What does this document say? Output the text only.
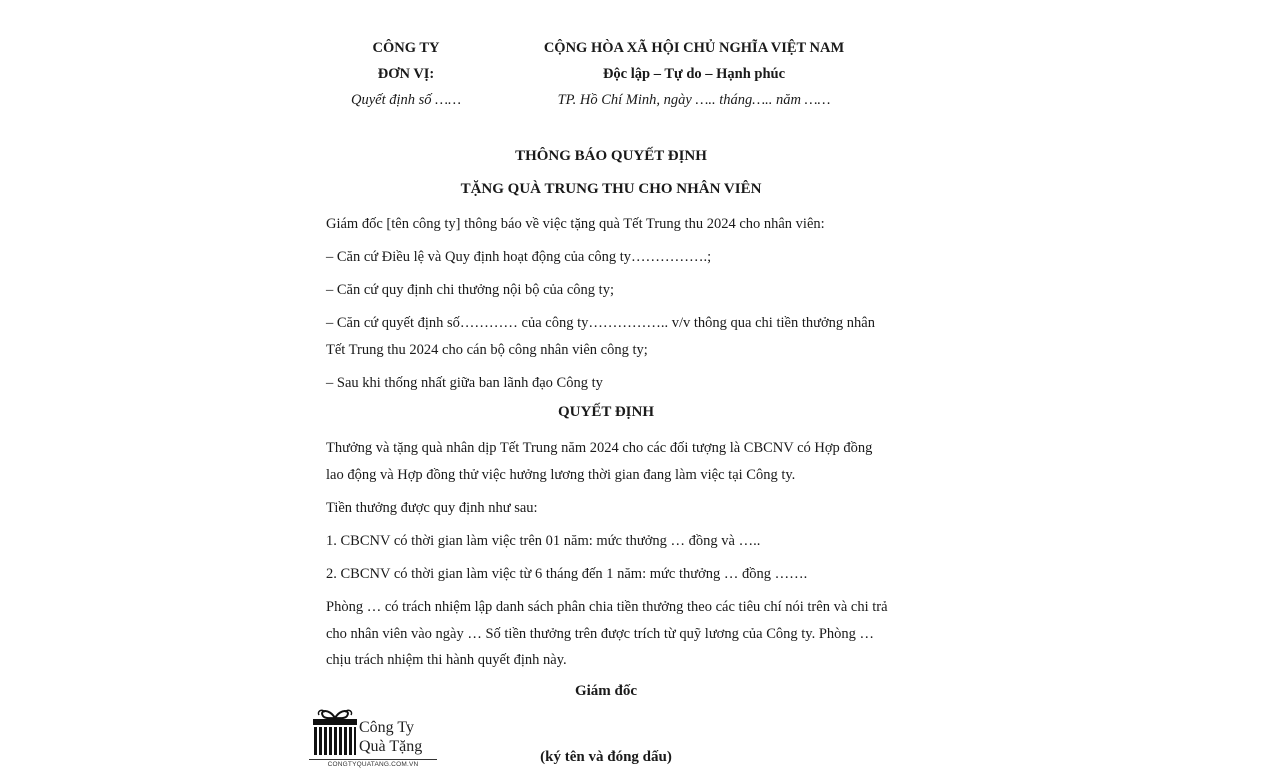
CÔNG TY
ĐƠN VỊ:
Quyết định số ……
CỘNG HÒA XÃ HỘI CHỦ NGHĨA VIỆT NAM
Độc lập – Tự do – Hạnh phúc
TP. Hồ Chí Minh, ngày ….. tháng….. năm ……
THÔNG BÁO QUYẾT ĐỊNH
TẶNG QUÀ TRUNG THU CHO NHÂN VIÊN
Giám đốc [tên công ty] thông báo về việc tặng quà Tết Trung thu 2024 cho nhân viên:
– Căn cứ Điều lệ và Quy định hoạt động của công ty…………….;
– Căn cứ quy định chi thưởng nội bộ của công ty;
– Căn cứ quyết định số………… của công ty…………….. v/v thông qua chi tiền thưởng nhân Tết Trung thu 2024 cho cán bộ công nhân viên công ty;
– Sau khi thống nhất giữa ban lãnh đạo Công ty
QUYẾT ĐỊNH
Thưởng và tặng quà nhân dịp Tết Trung năm 2024 cho các đối tượng là CBCNV có Hợp đồng lao động và Hợp đồng thử việc hưởng lương thời gian đang làm việc tại Công ty.
Tiền thưởng được quy định như sau:
1. CBCNV có thời gian làm việc trên 01 năm: mức thưởng … đồng và …..
2. CBCNV có thời gian làm việc từ 6 tháng đến 1 năm: mức thưởng … đồng …….
Phòng … có trách nhiệm lập danh sách phân chia tiền thưởng theo các tiêu chí nói trên và chi trả cho nhân viên vào ngày … Số tiền thưởng trên được trích từ quỹ lương của Công ty. Phòng … chịu trách nhiệm thi hành quyết định này.
Giám đốc
(ký tên và đóng dấu)
Công Ty
Quà Tặng
CONGTYQUATANG.COM.VN
